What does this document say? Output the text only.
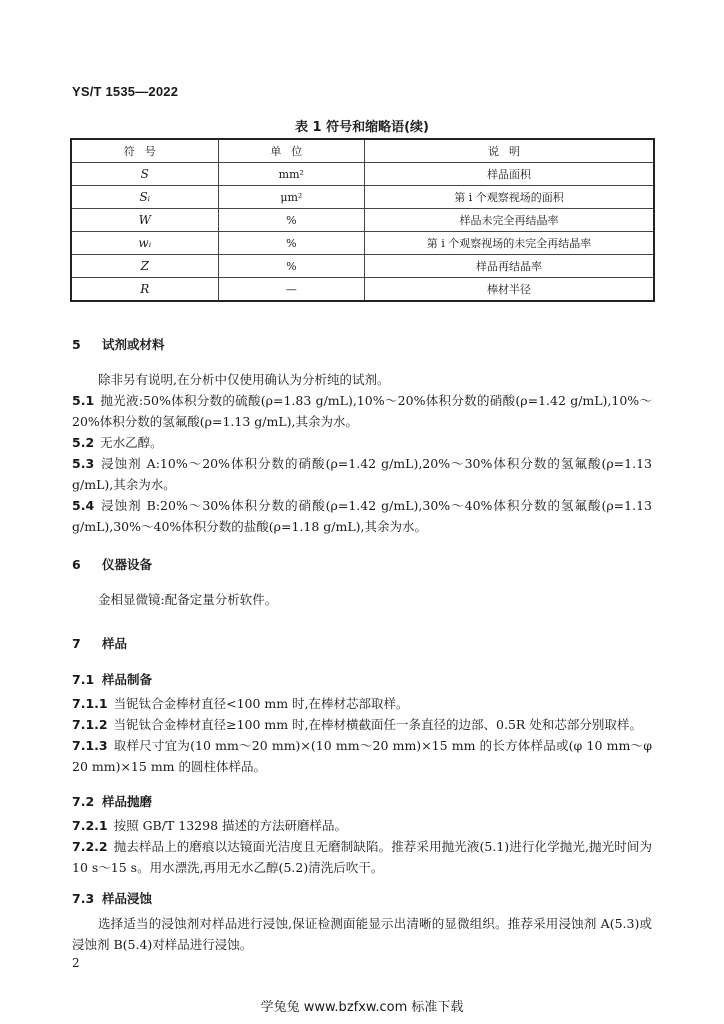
YS/T 1535—2022
表 1 符号和缩略语(续)
符号	单位	说明
S	mm²	样品面积
Sᵢ	μm²	第 i 个观察视场的面积
W	%	样品未完全再结晶率
wᵢ	%	第 i 个观察视场的未完全再结晶率
Z	%	样品再结晶率
R	—	棒材半径
5 试剂或材料
除非另有说明,在分析中仅使用确认为分析纯的试剂。
5.1 抛光液:50%体积分数的硫酸(ρ=1.83 g/mL),10%～20%体积分数的硝酸(ρ=1.42 g/mL),10%～20%体积分数的氢氟酸(ρ=1.13 g/mL),其余为水。
5.2 无水乙醇。
5.3 浸蚀剂 A:10%～20%体积分数的硝酸(ρ=1.42 g/mL),20%～30%体积分数的氢氟酸(ρ=1.13 g/mL),其余为水。
5.4 浸蚀剂 B:20%～30%体积分数的硝酸(ρ=1.42 g/mL),30%～40%体积分数的氢氟酸(ρ=1.13 g/mL),30%～40%体积分数的盐酸(ρ=1.18 g/mL),其余为水。
6 仪器设备
金相显微镜:配备定量分析软件。
7 样品
7.1 样品制备
7.1.1 当铌钛合金棒材直径<100 mm 时,在棒材芯部取样。
7.1.2 当铌钛合金棒材直径≥100 mm 时,在棒材横截面任一条直径的边部、0.5R 处和芯部分别取样。
7.1.3 取样尺寸宜为(10 mm～20 mm)×(10 mm～20 mm)×15 mm 的长方体样品或(φ 10 mm～φ 20 mm)×15 mm 的圆柱体样品。
7.2 样品抛磨
7.2.1 按照 GB/T 13298 描述的方法研磨样品。
7.2.2 抛去样品上的磨痕以达镜面光洁度且无磨制缺陷。推荐采用抛光液(5.1)进行化学抛光,抛光时间为 10 s～15 s。用水漂洗,再用无水乙醇(5.2)清洗后吹干。
7.3 样品浸蚀
选择适当的浸蚀剂对样品进行浸蚀,保证检测面能显示出清晰的显微组织。推荐采用浸蚀剂 A(5.3)或浸蚀剂 B(5.4)对样品进行浸蚀。
2
学兔兔 www.bzfxw.com 标准下载
